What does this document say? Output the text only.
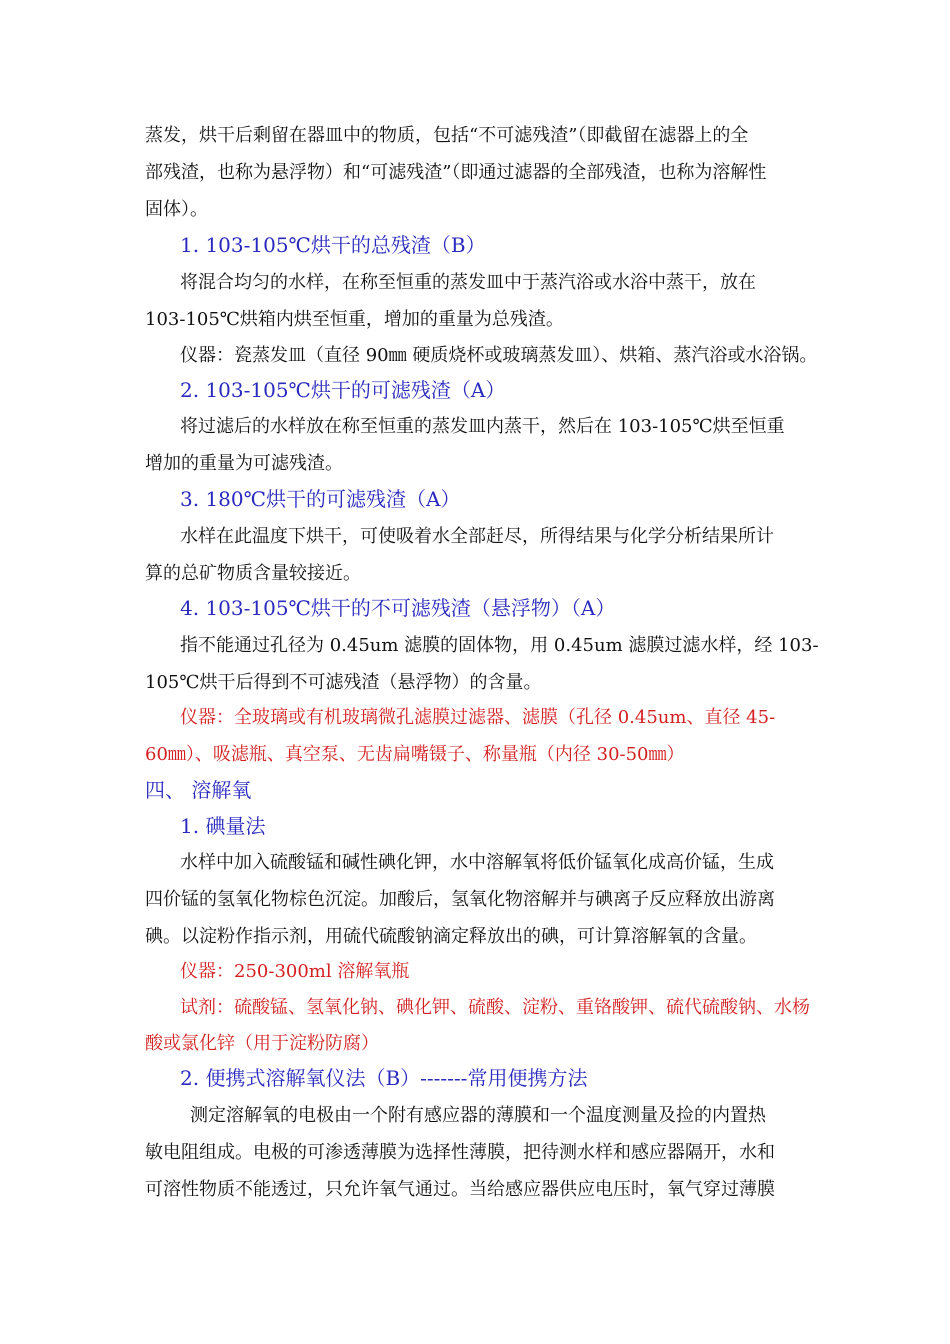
蒸发，烘干后剩留在器皿中的物质，包括“不可滤残渣”（即截留在滤器上的全
部残渣，也称为悬浮物）和“可滤残渣”（即通过滤器的全部残渣，也称为溶解性
固体）。
1. 103-105℃烘干的总残渣（B）
将混合均匀的水样，在称至恒重的蒸发皿中于蒸汽浴或水浴中蒸干，放在
103-105℃烘箱内烘至恒重，增加的重量为总残渣。
仪器：瓷蒸发皿（直径 90㎜ 硬质烧杯或玻璃蒸发皿）、烘箱、蒸汽浴或水浴锅。
2. 103-105℃烘干的可滤残渣（A）
将过滤后的水样放在称至恒重的蒸发皿内蒸干，然后在 103-105℃烘至恒重
增加的重量为可滤残渣。
3. 180℃烘干的可滤残渣（A）
水样在此温度下烘干，可使吸着水全部赶尽，所得结果与化学分析结果所计
算的总矿物质含量较接近。
4. 103-105℃烘干的不可滤残渣（悬浮物）（A）
指不能通过孔径为 0.45um 滤膜的固体物，用 0.45um 滤膜过滤水样，经 103-
105℃烘干后得到不可滤残渣（悬浮物）的含量。
仪器：全玻璃或有机玻璃微孔滤膜过滤器、滤膜（孔径 0.45um、直径 45-
60㎜）、吸滤瓶、真空泵、无齿扁嘴镊子、称量瓶（内径 30-50㎜）
四、 溶解氧
1. 碘量法
水样中加入硫酸锰和碱性碘化钾，水中溶解氧将低价锰氧化成高价锰，生成
四价锰的氢氧化物棕色沉淀。加酸后，氢氧化物溶解并与碘离子反应释放出游离
碘。以淀粉作指示剂，用硫代硫酸钠滴定释放出的碘，可计算溶解氧的含量。
仪器：250-300ml 溶解氧瓶
试剂：硫酸锰、氢氧化钠、碘化钾、硫酸、淀粉、重铬酸钾、硫代硫酸钠、水杨
酸或氯化锌（用于淀粉防腐）
2. 便携式溶解氧仪法（B）-------常用便携方法
测定溶解氧的电极由一个附有感应器的薄膜和一个温度测量及捡的内置热
敏电阻组成。电极的可渗透薄膜为选择性薄膜，把待测水样和感应器隔开，水和
可溶性物质不能透过，只允许氧气通过。当给感应器供应电压时，氧气穿过薄膜
